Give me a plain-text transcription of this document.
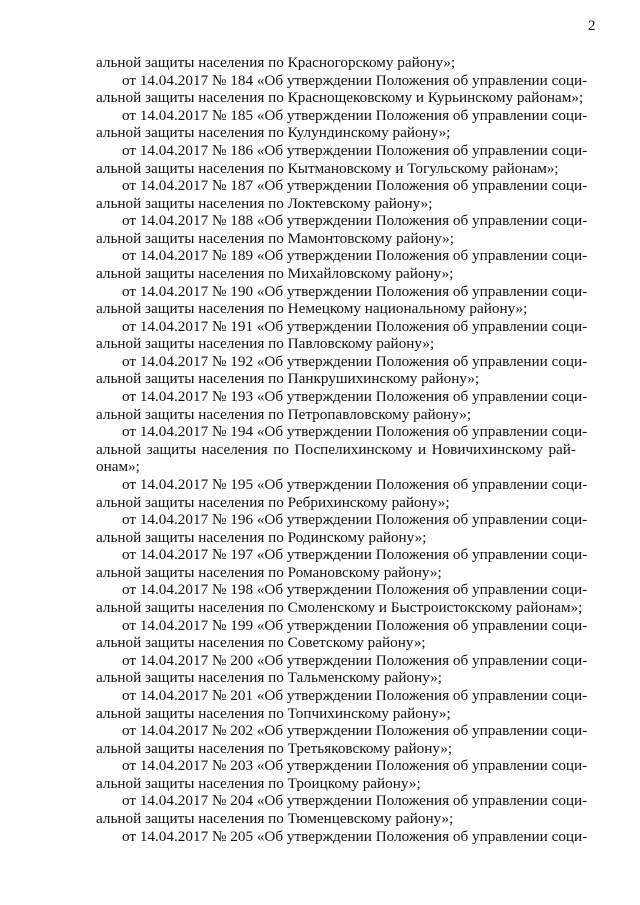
2
альной защиты населения по Красногорскому району»;
от 14.04.2017 № 184 «Об утверждении Положения об управлении соци-
альной защиты населения по Краснощековскому и Курьинскому районам»;
от 14.04.2017 № 185 «Об утверждении Положения об управлении соци-
альной защиты населения по Кулундинскому району»;
от 14.04.2017 № 186 «Об утверждении Положения об управлении соци-
альной защиты населения по Кытмановскому и Тогульскому районам»;
от 14.04.2017 № 187 «Об утверждении Положения об управлении соци-
альной защиты населения по Локтевскому району»;
от 14.04.2017 № 188 «Об утверждении Положения об управлении соци-
альной защиты населения по Мамонтовскому району»;
от 14.04.2017 № 189 «Об утверждении Положения об управлении соци-
альной защиты населения по Михайловскому району»;
от 14.04.2017 № 190 «Об утверждении Положения об управлении соци-
альной защиты населения по Немецкому национальному району»;
от 14.04.2017 № 191 «Об утверждении Положения об управлении соци-
альной защиты населения по Павловскому району»;
от 14.04.2017 № 192 «Об утверждении Положения об управлении соци-
альной защиты населения по Панкрушихинскому району»;
от 14.04.2017 № 193 «Об утверждении Положения об управлении соци-
альной защиты населения по Петропавловскому району»;
от 14.04.2017 № 194 «Об утверждении Положения об управлении соци-
альной защиты населения по Поспелихинскому и Новичихинскому рай-
онам»;
от 14.04.2017 № 195 «Об утверждении Положения об управлении соци-
альной защиты населения по Ребрихинскому району»;
от 14.04.2017 № 196 «Об утверждении Положения об управлении соци-
альной защиты населения по Родинскому району»;
от 14.04.2017 № 197 «Об утверждении Положения об управлении соци-
альной защиты населения по Романовскому району»;
от 14.04.2017 № 198 «Об утверждении Положения об управлении соци-
альной защиты населения по Смоленскому и Быстроистокскому районам»;
от 14.04.2017 № 199 «Об утверждении Положения об управлении соци-
альной защиты населения по Советскому району»;
от 14.04.2017 № 200 «Об утверждении Положения об управлении соци-
альной защиты населения по Тальменскому району»;
от 14.04.2017 № 201 «Об утверждении Положения об управлении соци-
альной защиты населения по Топчихинскому району»;
от 14.04.2017 № 202 «Об утверждении Положения об управлении соци-
альной защиты населения по Третьяковскому району»;
от 14.04.2017 № 203 «Об утверждении Положения об управлении соци-
альной защиты населения по Троицкому району»;
от 14.04.2017 № 204 «Об утверждении Положения об управлении соци-
альной защиты населения по Тюменцевскому району»;
от 14.04.2017 № 205 «Об утверждении Положения об управлении соци-
